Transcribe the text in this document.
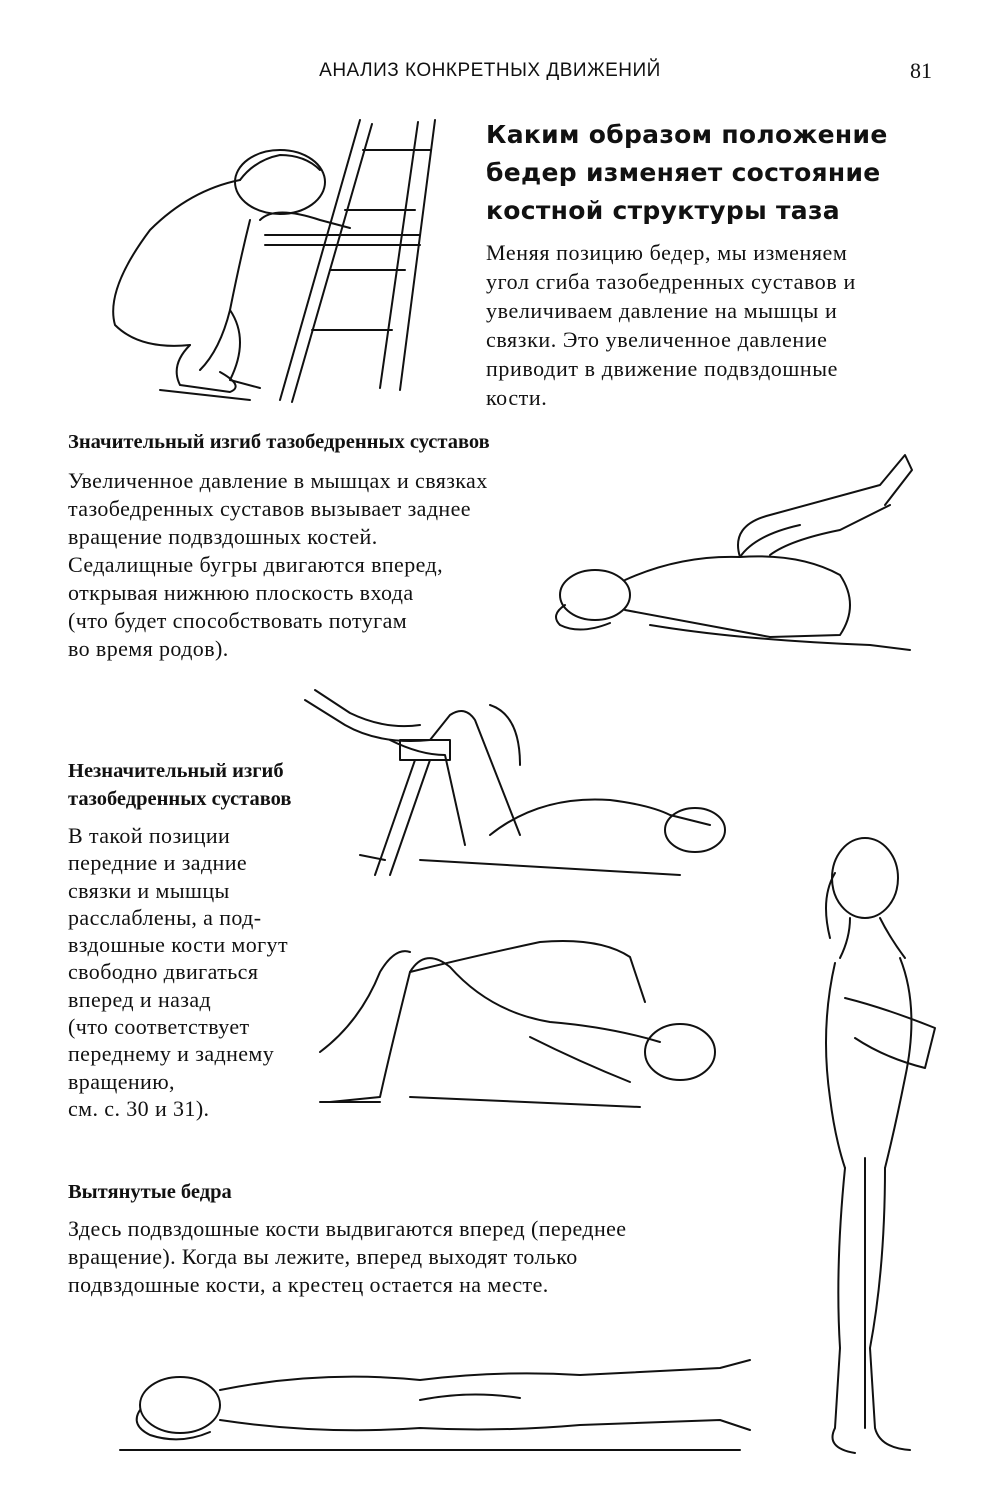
АНАЛИЗ КОНКРЕТНЫХ ДВИЖЕНИЙ	81
Каким образом положение
бедер изменяет состояние
костной структуры таза
Меняя позицию бедер, мы изменяем
угол сгиба тазобедренных суставов и
увеличиваем давление на мышцы и
связки. Это увеличенное давление
приводит в движение подвздошные
кости.
Значительный изгиб тазобедренных суставов
Увеличенное давление в мышцах и связках
тазобедренных суставов вызывает заднее
вращение подвздошных костей.
Седалищные бугры двигаются вперед,
открывая нижнюю плоскость входа
(что будет способствовать потугам
во время родов).
Незначительный изгиб
тазобедренных суставов
В такой позиции
передние и задние
связки и мышцы
расслаблены, а под-
вздошные кости могут
свободно двигаться
вперед и назад
(что соответствует
переднему и заднему
вращению,
см. с. 30 и 31).
Вытянутые бедра
Здесь подвздошные кости выдвигаются вперед (переднее
вращение). Когда вы лежите, вперед выходят только
подвздошные кости, а крестец остается на месте.
